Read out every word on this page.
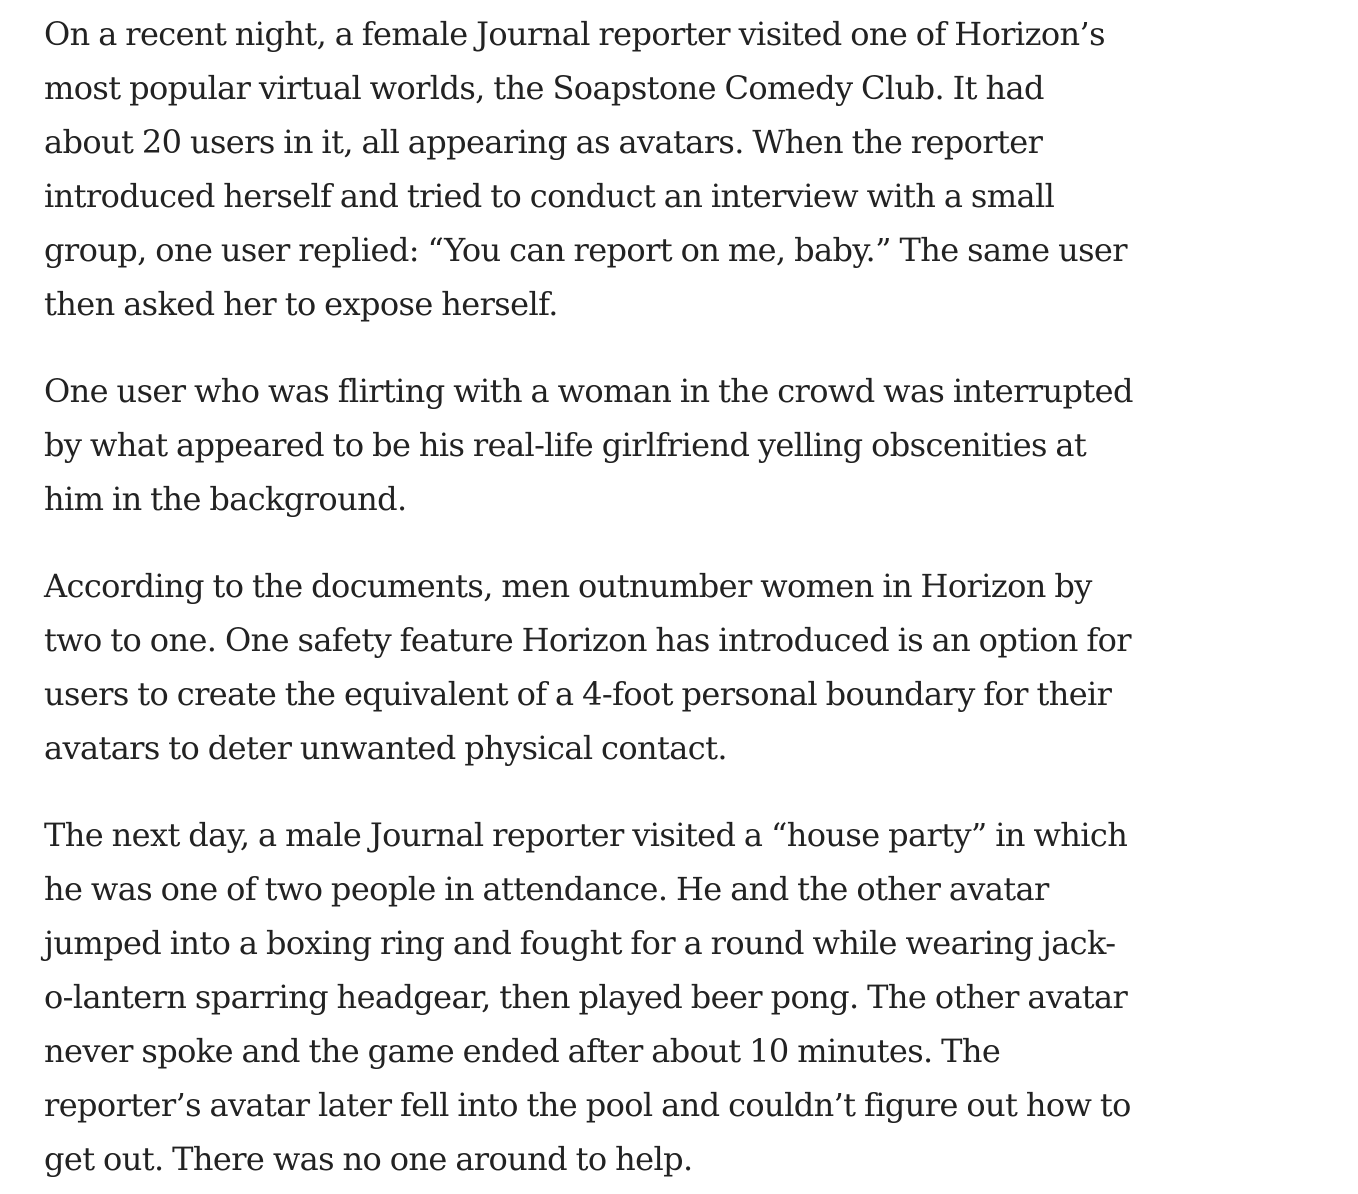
On a recent night, a female Journal reporter visited one of Horizon’s most popular virtual worlds, the Soapstone Comedy Club. It had about 20 users in it, all appearing as avatars. When the reporter introduced herself and tried to conduct an interview with a small group, one user replied: “You can report on me, baby.” The same user then asked her to expose herself.

One user who was flirting with a woman in the crowd was interrupted by what appeared to be his real-life girlfriend yelling obscenities at him in the background.

According to the documents, men outnumber women in Horizon by two to one. One safety feature Horizon has introduced is an option for users to create the equivalent of a 4-foot personal boundary for their avatars to deter unwanted physical contact.

The next day, a male Journal reporter visited a “house party” in which he was one of two people in attendance. He and the other avatar jumped into a boxing ring and fought for a round while wearing jack-o-lantern sparring headgear, then played beer pong. The other avatar never spoke and the game ended after about 10 minutes. The reporter’s avatar later fell into the pool and couldn’t figure out how to get out. There was no one around to help.
